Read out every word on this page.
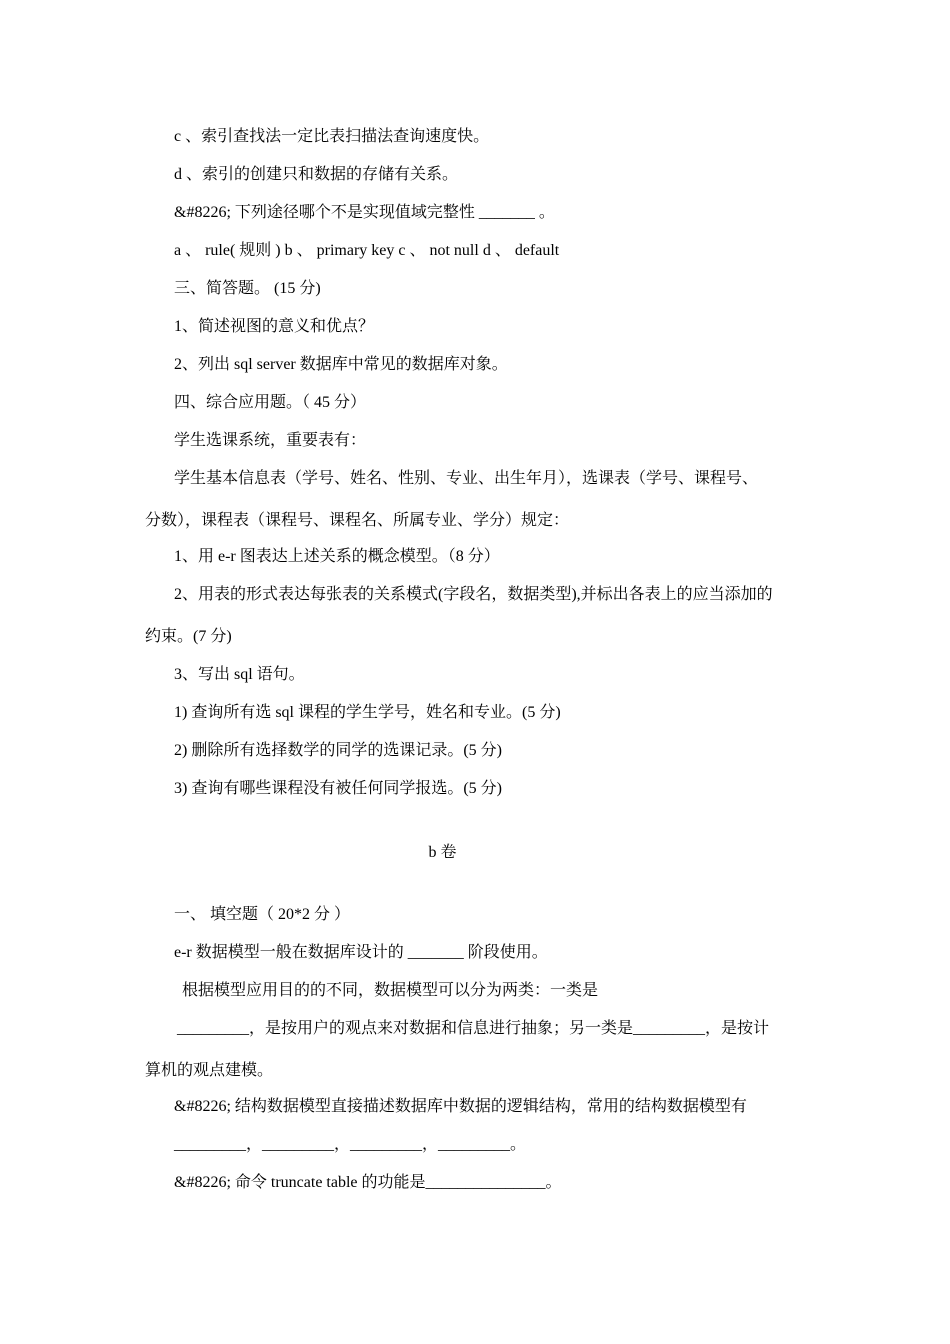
c 、索引查找法一定比表扫描法查询速度快。
d 、索引的创建只和数据的存储有关系。
&#8226; 下列途径哪个不是实现值域完整性 _______ 。
a 、 rule( 规则 ) b 、 primary key c 、 not null d 、 default
三、简答题。 (15 分)
1、简述视图的意义和优点？
2、列出 sql server 数据库中常见的数据库对象。
四、综合应用题。（ 45 分）
学生选课系统，重要表有：
学生基本信息表（学号、姓名、性别、专业、出生年月），选课表（学号、课程号、
分数），课程表（课程号、课程名、所属专业、学分）规定：
1、用 e-r 图表达上述关系的概念模型。（8 分）
2、用表的形式表达每张表的关系模式(字段名，数据类型),并标出各表上的应当添加的
约束。(7 分)
3、写出 sql 语句。
1) 查询所有选 sql 课程的学生学号，姓名和专业。(5 分)
2) 删除所有选择数学的同学的选课记录。(5 分)
3) 查询有哪些课程没有被任何同学报选。(5 分)
b 卷
一、 填空题（ 20*2 分 ）
e-r 数据模型一般在数据库设计的 _______ 阶段使用。
根据模型应用目的的不同，数据模型可以分为两类：一类是
_________，是按用户的观点来对数据和信息进行抽象；另一类是_________，是按计
算机的观点建模。
&#8226; 结构数据模型直接描述数据库中数据的逻辑结构，常用的结构数据模型有
_________，_________，_________，_________。
&#8226; 命令 truncate table 的功能是_______________。
